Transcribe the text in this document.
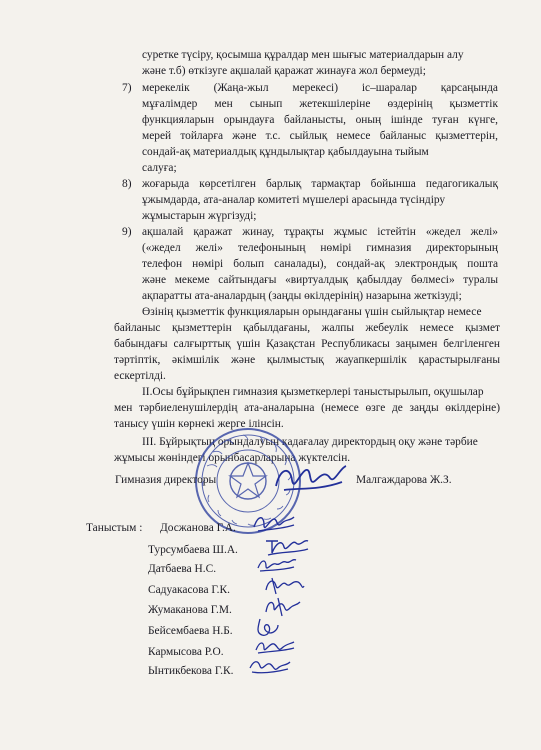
суретке түсіру, қосымша құралдар мен шығыс материалдарын алу
және т.б) өткізуге ақшалай қаражат жинауға жол бермеуді;
7) мерекелік (Жаңа-жыл мерекесі) іс–шаралар қарсаңында
мұғалімдер мен сынып жетекшілеріне өздерінің қызметтік
функцияларын орындауға байланысты, оның ішінде туған күнге,
мерей тойларға және т.с. сыйлық немесе байланыс қызметтерін,
сондай-ақ материалдық құндылықтар қабылдауына тыйым
салуға;
8) жоғарыда көрсетілген барлық тармақтар бойынша педагогикалық
ұжымдарда, ата-аналар комитеті мүшелері арасында түсіндіру
жұмыстарын жүргізуді;
9) ақшалай қаражат жинау, тұрақты жұмыс істейтін «жедел желі»
(«жедел желі» телефонының нөмірі гимназия директорының
телефон нөмірі болып саналады), сондай-ақ электрондық пошта
және мекеме сайтындағы «виртуалдық қабылдау бөлмесі» туралы
ақпаратты ата-аналардың (заңды өкілдерінің) назарына жеткізуді;
Өзінің қызметтік функцияларын орындағаны үшін сыйлықтар немесе
байланыс қызметтерін қабылдағаны, жалпы жебеулік немесе қызмет
бабындағы салғырттық үшін Қазақстан Республикасы заңымен белгіленген
тәртіптік, әкімшілік және қылмыстық жауапкершілік қарастырылғаны
ескертілді.
II.Осы бұйрықпен гимназия қызметкерлері таныстырылып, оқушылар
мен тәрбиеленушілердің ата-аналарына (немесе өзге де заңды өкілдеріне)
танысу үшін көрнекі жерге ілінсін.
III. Бұйрықтың орындалуын қадағалау директордың оқу және тәрбие
жұмысы жөніндегі орынбасарларына жүктелсін.
Гимназия директоры	Малгаждарова Ж.З.
Таныстым : Досжанова Г.А.
Турсумбаева Ш.А.
Датбаева Н.С.
Садуакасова Г.К.
Жумаканова Г.М.
Бейсембаева Н.Б.
Кармысова Р.О.
Ынтикбекова Г.К.
